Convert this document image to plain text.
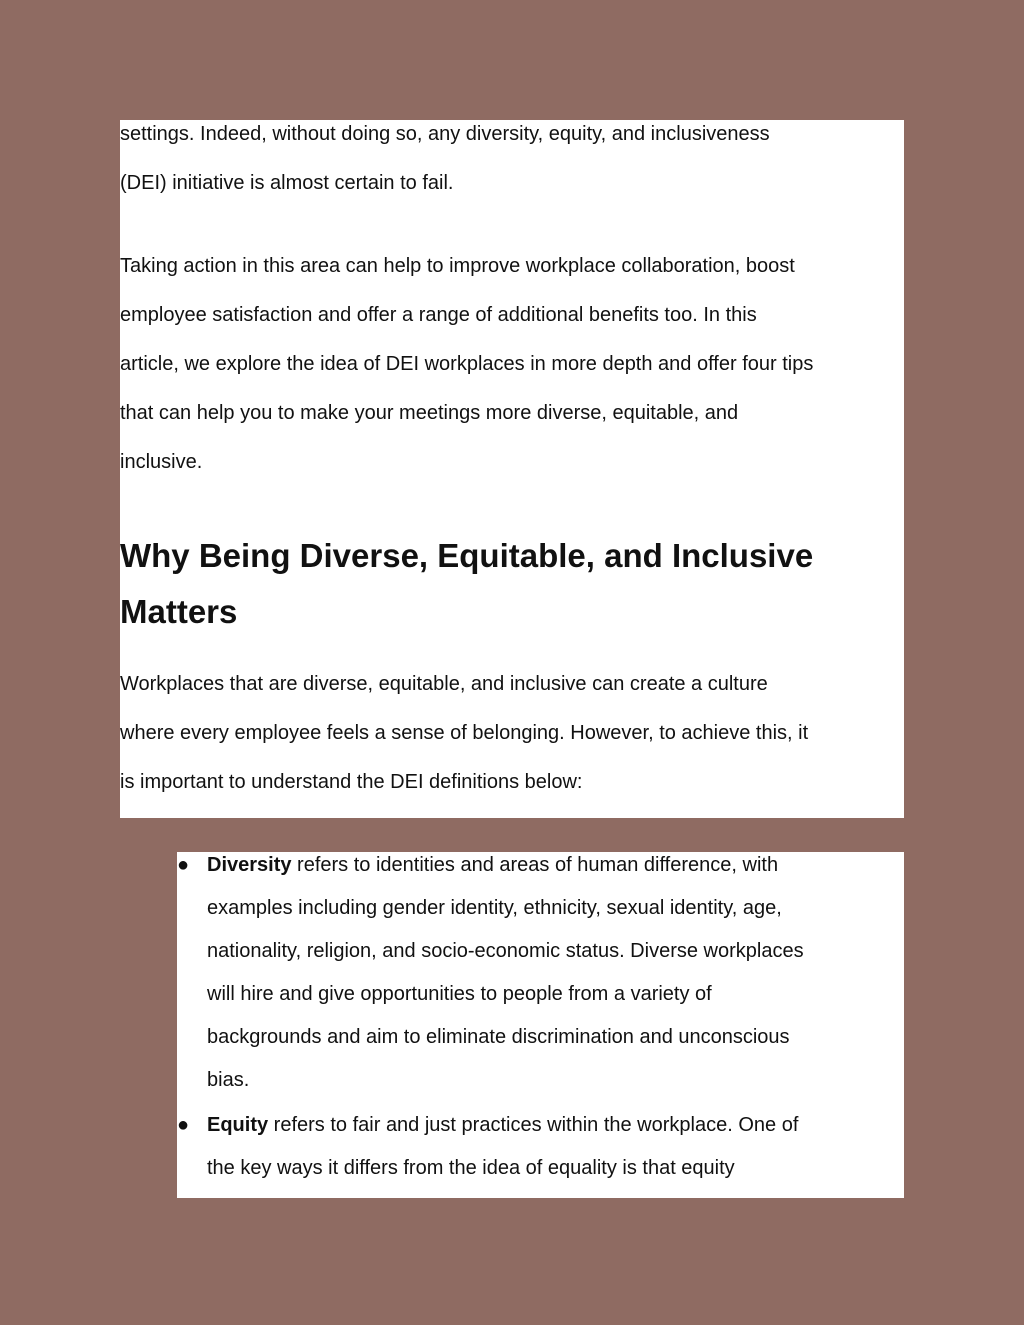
settings. Indeed, without doing so, any diversity, equity, and inclusiveness

(DEI) initiative is almost certain to fail.

Taking action in this area can help to improve workplace collaboration, boost

employee satisfaction and offer a range of additional benefits too. In this

article, we explore the idea of DEI workplaces in more depth and offer four tips

that can help you to make your meetings more diverse, equitable, and

inclusive.

Why Being Diverse, Equitable, and Inclusive
Matters

Workplaces that are diverse, equitable, and inclusive can create a culture

where every employee feels a sense of belonging. However, to achieve this, it

is important to understand the DEI definitions below:

● Diversity refers to identities and areas of human difference, with

examples including gender identity, ethnicity, sexual identity, age,

nationality, religion, and socio-economic status. Diverse workplaces

will hire and give opportunities to people from a variety of

backgrounds and aim to eliminate discrimination and unconscious

bias.

● Equity refers to fair and just practices within the workplace. One of

the key ways it differs from the idea of equality is that equity
